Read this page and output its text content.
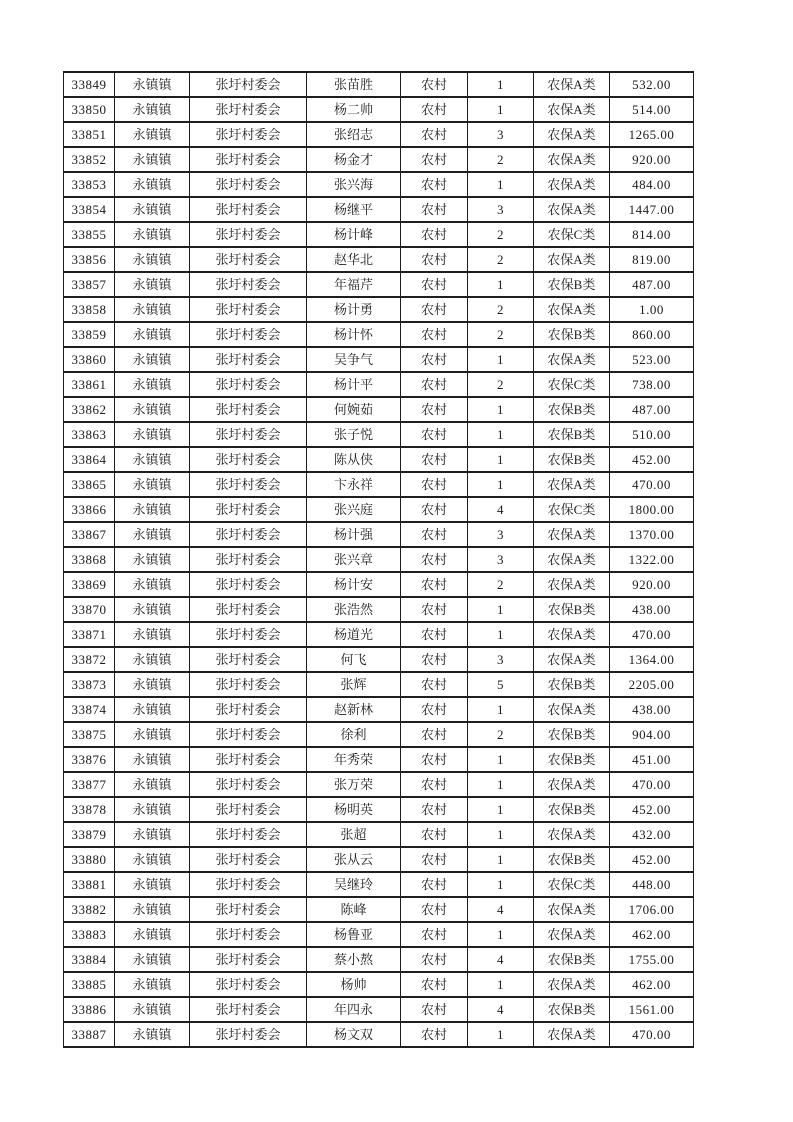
33849	永镇镇	张圩村委会	张苗胜	农村	1	农保A类	532.00
33850	永镇镇	张圩村委会	杨二帅	农村	1	农保A类	514.00
33851	永镇镇	张圩村委会	张绍志	农村	3	农保A类	1265.00
33852	永镇镇	张圩村委会	杨金才	农村	2	农保A类	920.00
33853	永镇镇	张圩村委会	张兴海	农村	1	农保A类	484.00
33854	永镇镇	张圩村委会	杨继平	农村	3	农保A类	1447.00
33855	永镇镇	张圩村委会	杨计峰	农村	2	农保C类	814.00
33856	永镇镇	张圩村委会	赵华北	农村	2	农保A类	819.00
33857	永镇镇	张圩村委会	年福芹	农村	1	农保B类	487.00
33858	永镇镇	张圩村委会	杨计勇	农村	2	农保A类	1.00
33859	永镇镇	张圩村委会	杨计怀	农村	2	农保B类	860.00
33860	永镇镇	张圩村委会	吴争气	农村	1	农保A类	523.00
33861	永镇镇	张圩村委会	杨计平	农村	2	农保C类	738.00
33862	永镇镇	张圩村委会	何婉茹	农村	1	农保B类	487.00
33863	永镇镇	张圩村委会	张子悦	农村	1	农保B类	510.00
33864	永镇镇	张圩村委会	陈从侠	农村	1	农保B类	452.00
33865	永镇镇	张圩村委会	卞永祥	农村	1	农保A类	470.00
33866	永镇镇	张圩村委会	张兴庭	农村	4	农保C类	1800.00
33867	永镇镇	张圩村委会	杨计强	农村	3	农保A类	1370.00
33868	永镇镇	张圩村委会	张兴章	农村	3	农保A类	1322.00
33869	永镇镇	张圩村委会	杨计安	农村	2	农保A类	920.00
33870	永镇镇	张圩村委会	张浩然	农村	1	农保B类	438.00
33871	永镇镇	张圩村委会	杨道光	农村	1	农保A类	470.00
33872	永镇镇	张圩村委会	何飞	农村	3	农保A类	1364.00
33873	永镇镇	张圩村委会	张辉	农村	5	农保B类	2205.00
33874	永镇镇	张圩村委会	赵新林	农村	1	农保A类	438.00
33875	永镇镇	张圩村委会	徐利	农村	2	农保B类	904.00
33876	永镇镇	张圩村委会	年秀荣	农村	1	农保B类	451.00
33877	永镇镇	张圩村委会	张万荣	农村	1	农保A类	470.00
33878	永镇镇	张圩村委会	杨明英	农村	1	农保B类	452.00
33879	永镇镇	张圩村委会	张超	农村	1	农保A类	432.00
33880	永镇镇	张圩村委会	张从云	农村	1	农保B类	452.00
33881	永镇镇	张圩村委会	吴继玲	农村	1	农保C类	448.00
33882	永镇镇	张圩村委会	陈峰	农村	4	农保A类	1706.00
33883	永镇镇	张圩村委会	杨鲁亚	农村	1	农保A类	462.00
33884	永镇镇	张圩村委会	蔡小熬	农村	4	农保B类	1755.00
33885	永镇镇	张圩村委会	杨帅	农村	1	农保A类	462.00
33886	永镇镇	张圩村委会	年四永	农村	4	农保B类	1561.00
33887	永镇镇	张圩村委会	杨文双	农村	1	农保A类	470.00
